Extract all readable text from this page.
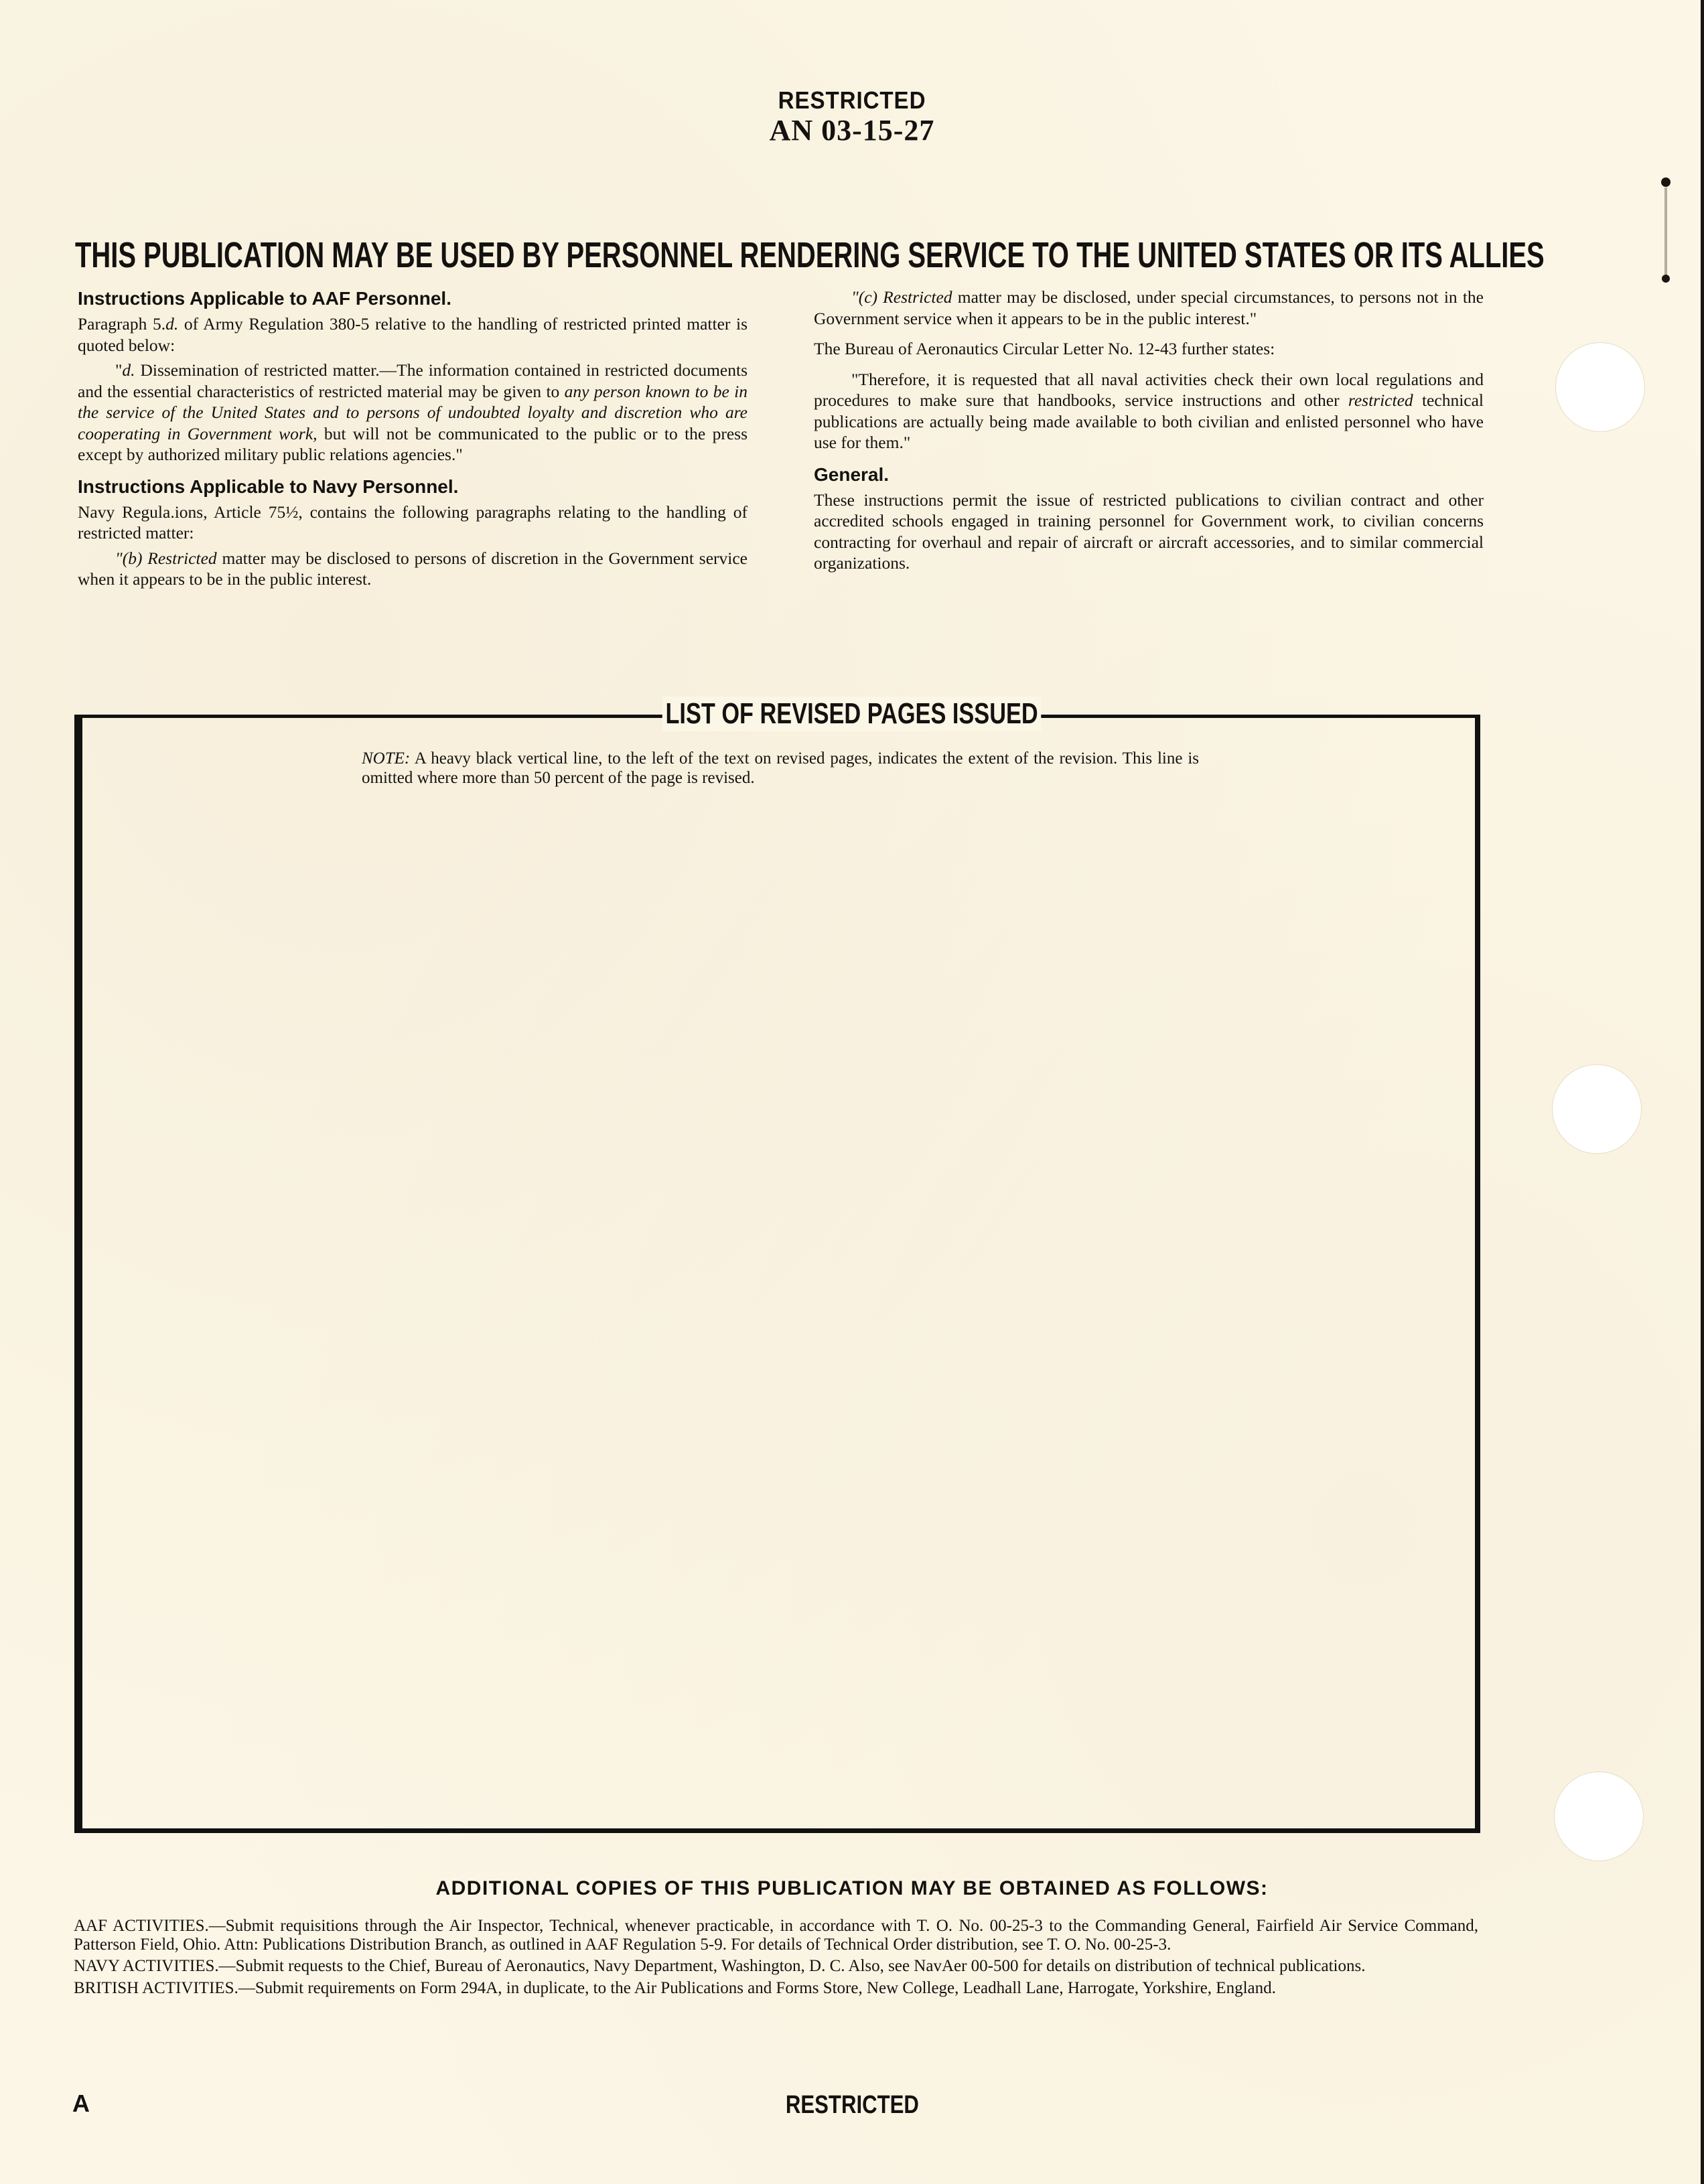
RESTRICTED
AN 03-15-27
THIS PUBLICATION MAY BE USED BY PERSONNEL RENDERING SERVICE TO THE UNITED STATES OR ITS ALLIES
Instructions Applicable to AAF Personnel.

Paragraph 5.d. of Army Regulation 380-5 relative to the handling of restricted printed matter is quoted below:

"d. Dissemination of restricted matter.—The information contained in restricted documents and the essential characteristics of restricted material may be given to any person known to be in the service of the United States and to persons of undoubted loyalty and discretion who are cooperating in Government work, but will not be communicated to the public or to the press except by authorized military public relations agencies."

Instructions Applicable to Navy Personnel.

Navy Regula.ions, Article 75½, contains the following paragraphs relating to the handling of restricted matter:

"(b) Restricted matter may be disclosed to persons of discretion in the Government service when it appears to be in the public interest.

"(c) Restricted matter may be disclosed, under special circumstances, to persons not in the Government service when it appears to be in the public interest."

The Bureau of Aeronautics Circular Letter No. 12-43 further states:

"Therefore, it is requested that all naval activities check their own local regulations and procedures to make sure that handbooks, service instructions and other restricted technical publications are actually being made available to both civilian and enlisted personnel who have use for them."

General.

These instructions permit the issue of restricted publications to civilian contract and other accredited schools engaged in training personnel for Government work, to civilian concerns contracting for overhaul and repair of aircraft or aircraft accessories, and to similar commercial organizations.

LIST OF REVISED PAGES ISSUED
NOTE: A heavy black vertical line, to the left of the text on revised pages, indicates the extent of the revision. This line is omitted where more than 50 percent of the page is revised.
ADDITIONAL COPIES OF THIS PUBLICATION MAY BE OBTAINED AS FOLLOWS:

AAF ACTIVITIES.—Submit requisitions through the Air Inspector, Technical, whenever practicable, in accordance with T. O. No. 00-25-3 to the Commanding General, Fairfield Air Service Command, Patterson Field, Ohio. Attn: Publications Distribution Branch, as outlined in AAF Regulation 5-9. For details of Technical Order distribution, see T. O. No. 00-25-3.

NAVY ACTIVITIES.—Submit requests to the Chief, Bureau of Aeronautics, Navy Department, Washington, D. C. Also, see NavAer 00-500 for details on distribution of technical publications.

BRITISH ACTIVITIES.—Submit requirements on Form 294A, in duplicate, to the Air Publications and Forms Store, New College, Leadhall Lane, Harrogate, Yorkshire, England.

A	RESTRICTED
